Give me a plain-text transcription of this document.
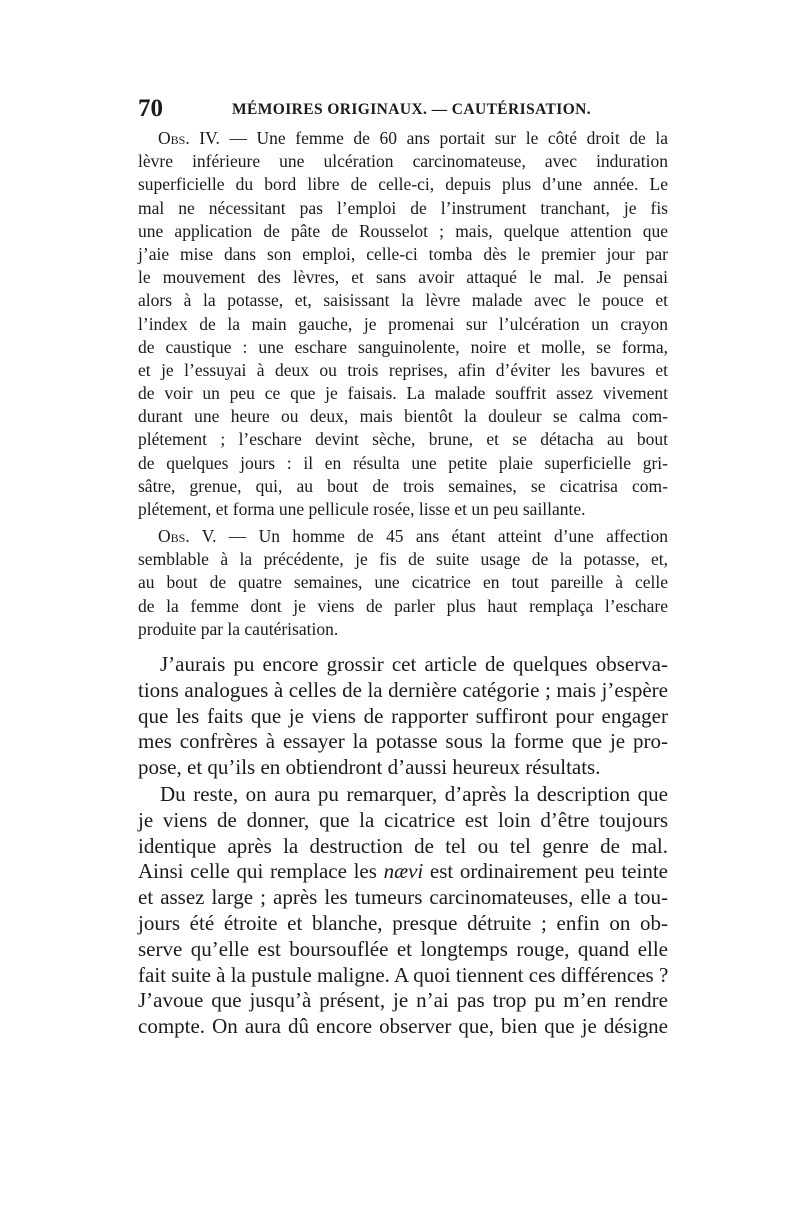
70	MÉMOIRES ORIGINAUX. — CAUTÉRISATION.
Obs. IV. — Une femme de 60 ans portait sur le côté droit de la
lèvre inférieure une ulcération carcinomateuse, avec induration
superficielle du bord libre de celle-ci, depuis plus d’une année. Le
mal ne nécessitant pas l’emploi de l’instrument tranchant, je fis
une application de pâte de Rousselot ; mais, quelque attention que
j’aie mise dans son emploi, celle-ci tomba dès le premier jour par
le mouvement des lèvres, et sans avoir attaqué le mal. Je pensai
alors à la potasse, et, saisissant la lèvre malade avec le pouce et
l’index de la main gauche, je promenai sur l’ulcération un crayon
de caustique : une eschare sanguinolente, noire et molle, se forma,
et je l’essuyai à deux ou trois reprises, afin d’éviter les bavures et
de voir un peu ce que je faisais. La malade souffrit assez vivement
durant une heure ou deux, mais bientôt la douleur se calma com-
plétement ; l’eschare devint sèche, brune, et se détacha au bout
de quelques jours : il en résulta une petite plaie superficielle gri-
sâtre, grenue, qui, au bout de trois semaines, se cicatrisa com-
plétement, et forma une pellicule rosée, lisse et un peu saillante.
Obs. V. — Un homme de 45 ans étant atteint d’une affection
semblable à la précédente, je fis de suite usage de la potasse, et,
au bout de quatre semaines, une cicatrice en tout pareille à celle
de la femme dont je viens de parler plus haut remplaça l’eschare
produite par la cautérisation.
J’aurais pu encore grossir cet article de quelques observa-
tions analogues à celles de la dernière catégorie ; mais j’espère
que les faits que je viens de rapporter suffiront pour engager
mes confrères à essayer la potasse sous la forme que je pro-
pose, et qu’ils en obtiendront d’aussi heureux résultats.
Du reste, on aura pu remarquer, d’après la description que
je viens de donner, que la cicatrice est loin d’être toujours
identique après la destruction de tel ou tel genre de mal.
Ainsi celle qui remplace les nævi est ordinairement peu teinte
et assez large ; après les tumeurs carcinomateuses, elle a tou-
jours été étroite et blanche, presque détruite ; enfin on ob-
serve qu’elle est boursouflée et longtemps rouge, quand elle
fait suite à la pustule maligne. A quoi tiennent ces différences ?
J’avoue que jusqu’à présent, je n’ai pas trop pu m’en rendre
compte. On aura dû encore observer que, bien que je désigne
